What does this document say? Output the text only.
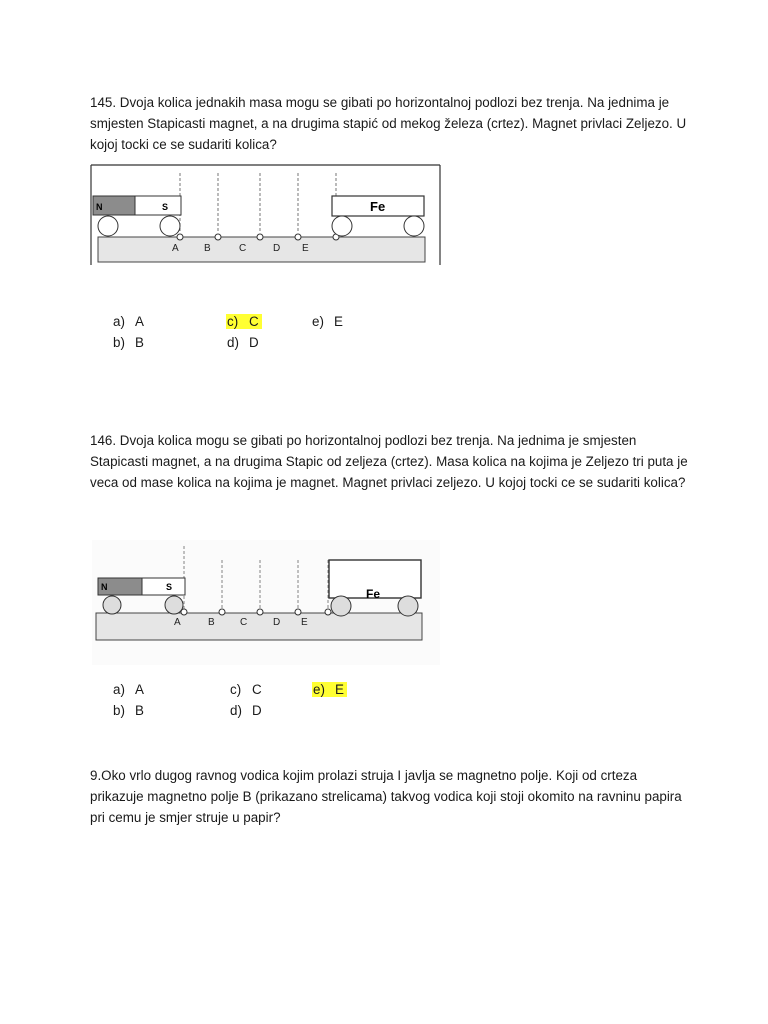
145. Dvoja kolica jednakih masa mogu se gibati po horizontalnoj podlozi bez trenja. Na jednima je smjesten Stapicasti magnet, a na drugima stapić od mekog železa (crtez). Magnet privlaci Zeljezo. U kojoj tocki ce se sudariti kolica?

A	B	C	D E
N	S	Fe
a) A
b) B
c) C
d) D
e) E

146. Dvoja kolica mogu se gibati po horizontalnoj podlozi bez trenja. Na jednima je smjesten Stapicasti magnet, a na drugima Stapic od zeljeza (crtez). Masa kolica na kojima je Zeljezo tri puta je veca od mase kolica na kojima je magnet. Magnet privlaci zeljezo. U kojoj tocki ce se sudariti kolica?

A	B	C	D E
N	S	Fe
a) A
b) B
c) C
d) D
e) E

9.Oko vrlo dugog ravnog vodica kojim prolazi struja I javlja se magnetno polje. Koji od crteza prikazuje magnetno polje B (prikazano strelicama) takvog vodica koji stoji okomito na ravninu papira pri cemu je smjer struje u papir?
